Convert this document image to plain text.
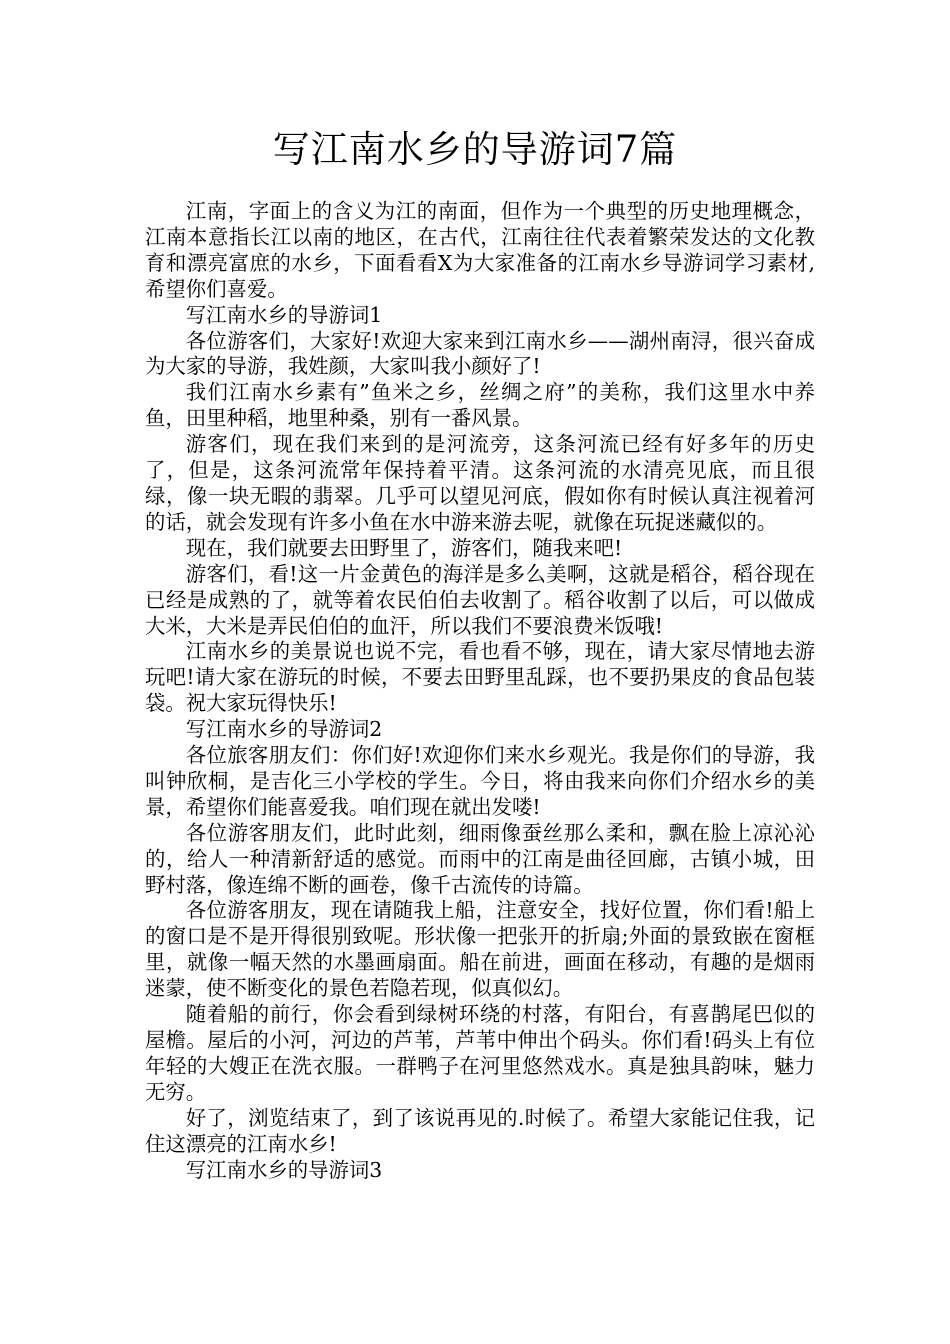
写江南水乡的导游词7篇

江南，字面上的含义为江的南面，但作为一个典型的历史地理概念，江南本意指长江以南的地区，在古代，江南往往代表着繁荣发达的文化教育和漂亮富庶的水乡，下面看看X为大家准备的江南水乡导游词学习素材,希望你们喜爱。

写江南水乡的导游词1

各位游客们，大家好!欢迎大家来到江南水乡——湖州南浔，很兴奋成为大家的导游，我姓颜，大家叫我小颜好了!

我们江南水乡素有”鱼米之乡，丝绸之府”的美称，我们这里水中养鱼，田里种稻，地里种桑，别有一番风景。

游客们，现在我们来到的是河流旁，这条河流已经有好多年的历史了，但是，这条河流常年保持着平清。这条河流的水清亮见底，而且很绿，像一块无暇的翡翠。几乎可以望见河底，假如你有时候认真注视着河的话，就会发现有许多小鱼在水中游来游去呢，就像在玩捉迷藏似的。

现在，我们就要去田野里了，游客们，随我来吧!

游客们，看!这一片金黄色的海洋是多么美啊，这就是稻谷，稻谷现在已经是成熟的了，就等着农民伯伯去收割了。稻谷收割了以后，可以做成大米，大米是弄民伯伯的血汗，所以我们不要浪费米饭哦!

江南水乡的美景说也说不完，看也看不够，现在，请大家尽情地去游玩吧!请大家在游玩的时候，不要去田野里乱踩，也不要扔果皮的食品包装袋。祝大家玩得快乐!

写江南水乡的导游词2

各位旅客朋友们：你们好!欢迎你们来水乡观光。我是你们的导游，我叫钟欣桐，是吉化三小学校的学生。今日，将由我来向你们介绍水乡的美景，希望你们能喜爱我。咱们现在就出发喽!

各位游客朋友们，此时此刻，细雨像蚕丝那么柔和，飘在脸上凉沁沁的，给人一种清新舒适的感觉。而雨中的江南是曲径回廊，古镇小城，田野村落，像连绵不断的画卷，像千古流传的诗篇。

各位游客朋友，现在请随我上船，注意安全，找好位置，你们看!船上的窗口是不是开得很别致呢。形状像一把张开的折扇;外面的景致嵌在窗框里，就像一幅天然的水墨画扇面。船在前进，画面在移动，有趣的是烟雨迷蒙，使不断变化的景色若隐若现，似真似幻。

随着船的前行，你会看到绿树环绕的村落，有阳台，有喜鹊尾巴似的屋檐。屋后的小河，河边的芦苇，芦苇中伸出个码头。你们看!码头上有位年轻的大嫂正在洗衣服。一群鸭子在河里悠然戏水。真是独具韵味，魅力无穷。

好了，浏览结束了，到了该说再见的.时候了。希望大家能记住我，记住这漂亮的江南水乡!

写江南水乡的导游词3
